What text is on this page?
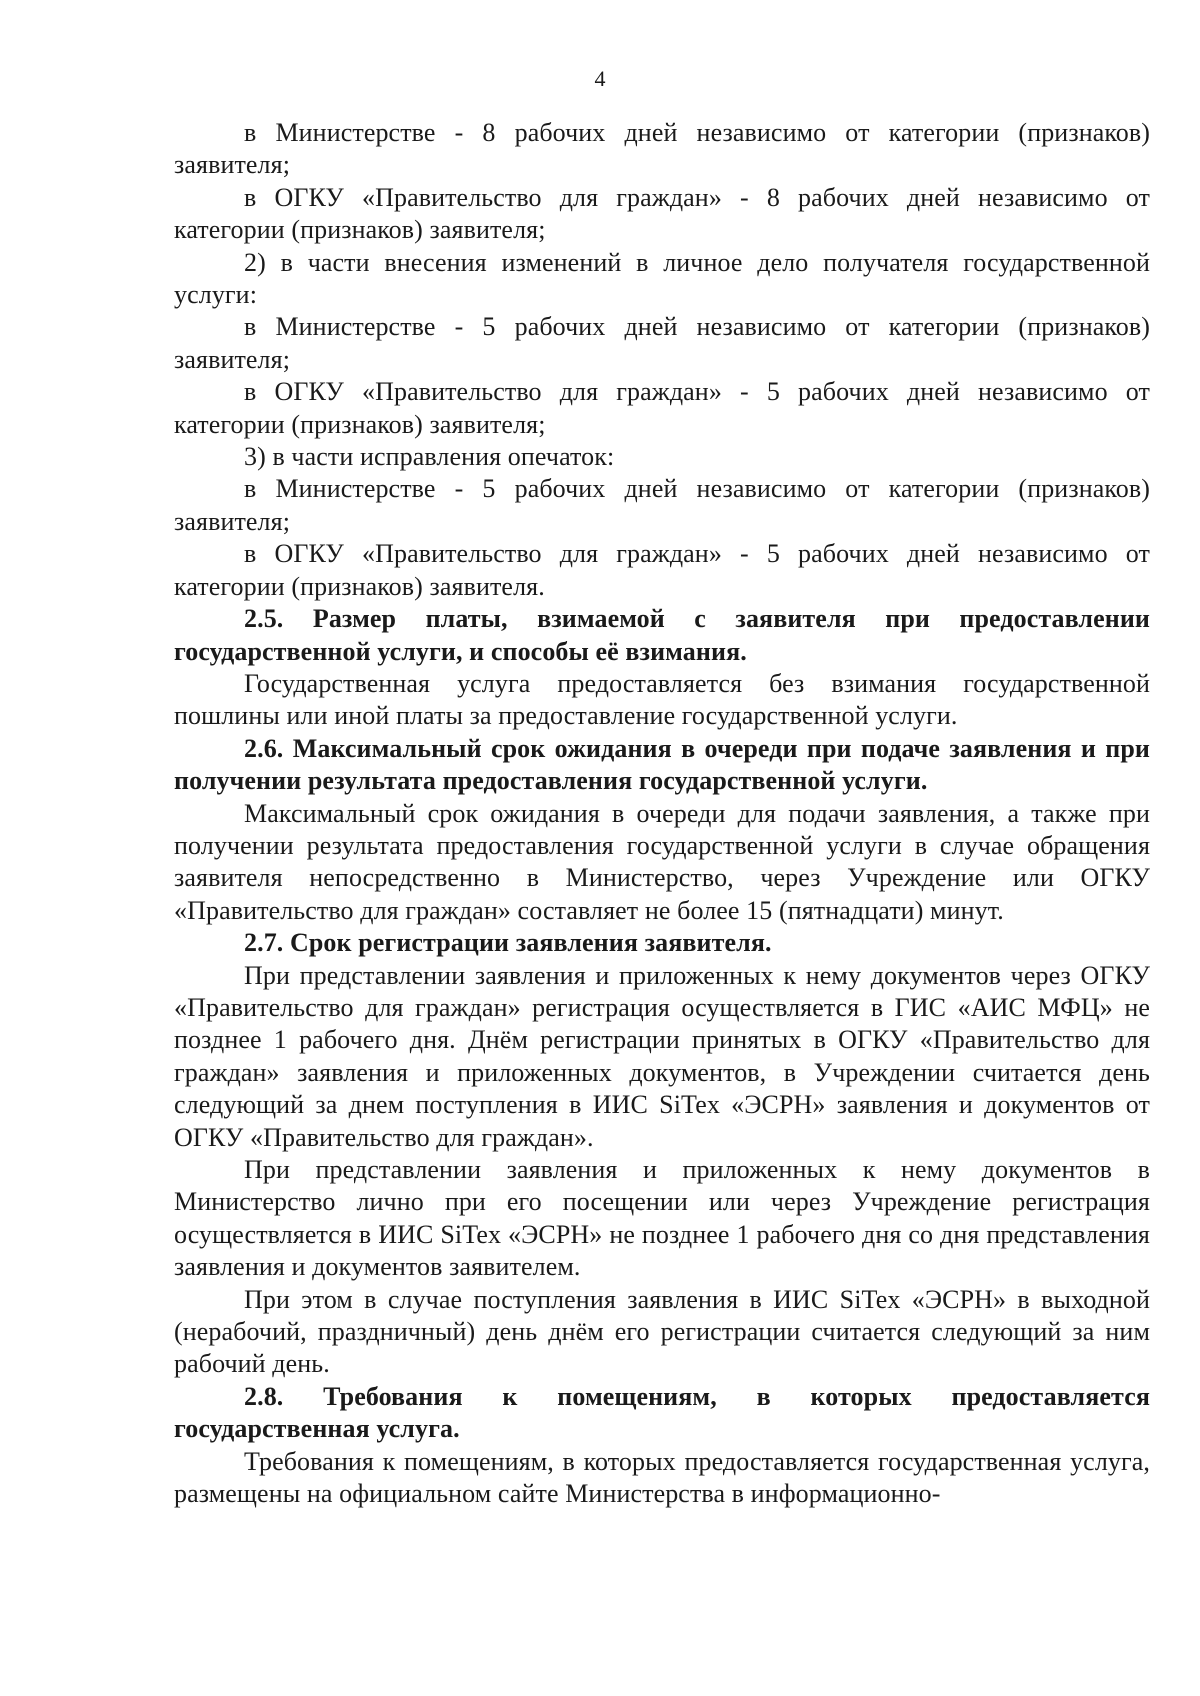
4

в Министерстве - 8 рабочих дней независимо от категории (признаков) заявителя;

в ОГКУ «Правительство для граждан» - 8 рабочих дней независимо от категории (признаков) заявителя;

2) в части внесения изменений в личное дело получателя государственной услуги:

в Министерстве - 5 рабочих дней независимо от категории (признаков) заявителя;

в ОГКУ «Правительство для граждан» - 5 рабочих дней независимо от категории (признаков) заявителя;

3) в части исправления опечаток:

в Министерстве - 5 рабочих дней независимо от категории (признаков) заявителя;

в ОГКУ «Правительство для граждан» - 5 рабочих дней независимо от категории (признаков) заявителя.

2.5. Размер платы, взимаемой с заявителя при предоставлении государственной услуги, и способы её взимания.

Государственная услуга предоставляется без взимания государственной пошлины или иной платы за предоставление государственной услуги.

2.6. Максимальный срок ожидания в очереди при подаче заявления и при получении результата предоставления государственной услуги.

Максимальный срок ожидания в очереди для подачи заявления, а также при получении результата предоставления государственной услуги в случае обращения заявителя непосредственно в Министерство, через Учреждение или ОГКУ «Правительство для граждан» составляет не более 15 (пятнадцати) минут.

2.7. Срок регистрации заявления заявителя.

При представлении заявления и приложенных к нему документов через ОГКУ «Правительство для граждан» регистрация осуществляется в ГИС «АИС МФЦ» не позднее 1 рабочего дня. Днём регистрации принятых в ОГКУ «Правительство для граждан» заявления и приложенных документов, в Учреждении считается день следующий за днем поступления в ИИС SiTex «ЭСРН» заявления и документов от ОГКУ «Правительство для граждан».

При представлении заявления и приложенных к нему документов в Министерство лично при его посещении или через Учреждение регистрация осуществляется в ИИС SiTex «ЭСРН» не позднее 1 рабочего дня со дня представления заявления и документов заявителем.

При этом в случае поступления заявления в ИИС SiTex «ЭСРН» в выходной (нерабочий, праздничный) день днём его регистрации считается следующий за ним рабочий день.

2.8. Требования к помещениям, в которых предоставляется государственная услуга.

Требования к помещениям, в которых предоставляется государственная услуга, размещены на официальном сайте Министерства в информационно-
